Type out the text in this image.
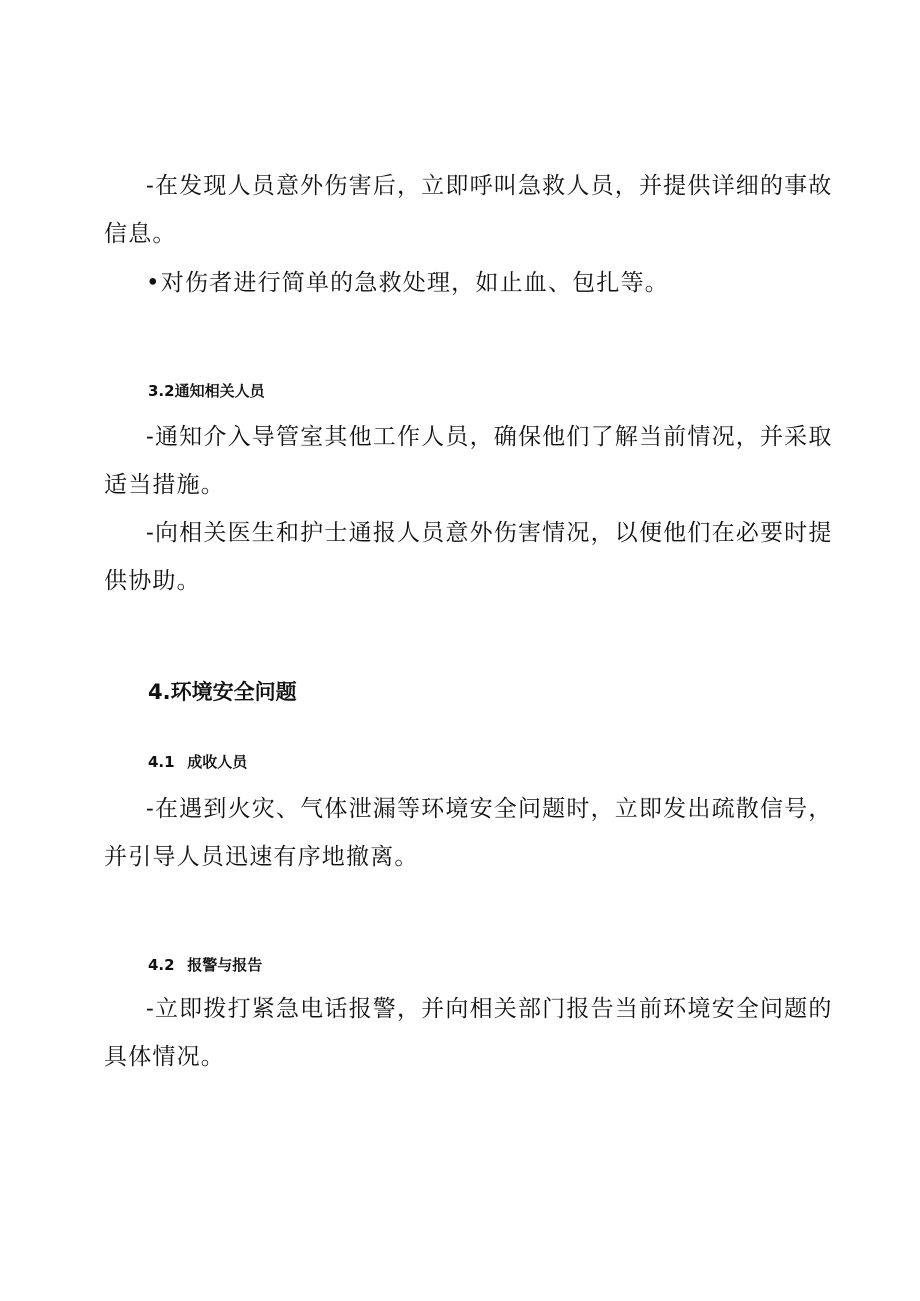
-在发现人员意外伤害后，立即呼叫急救人员，并提供详细的事故
信息。
•对伤者进行简单的急救处理，如止血、包扎等。
3.2通知相关人员
-通知介入导管室其他工作人员，确保他们了解当前情况，并采取
适当措施。
-向相关医生和护士通报人员意外伤害情况，以便他们在必要时提
供协助。
4.环境安全问题
4.1 成收人员
-在遇到火灾、气体泄漏等环境安全问题时，立即发出疏散信号，
并引导人员迅速有序地撤离。
4.2 报警与报告
-立即拨打紧急电话报警，并向相关部门报告当前环境安全问题的
具体情况。
